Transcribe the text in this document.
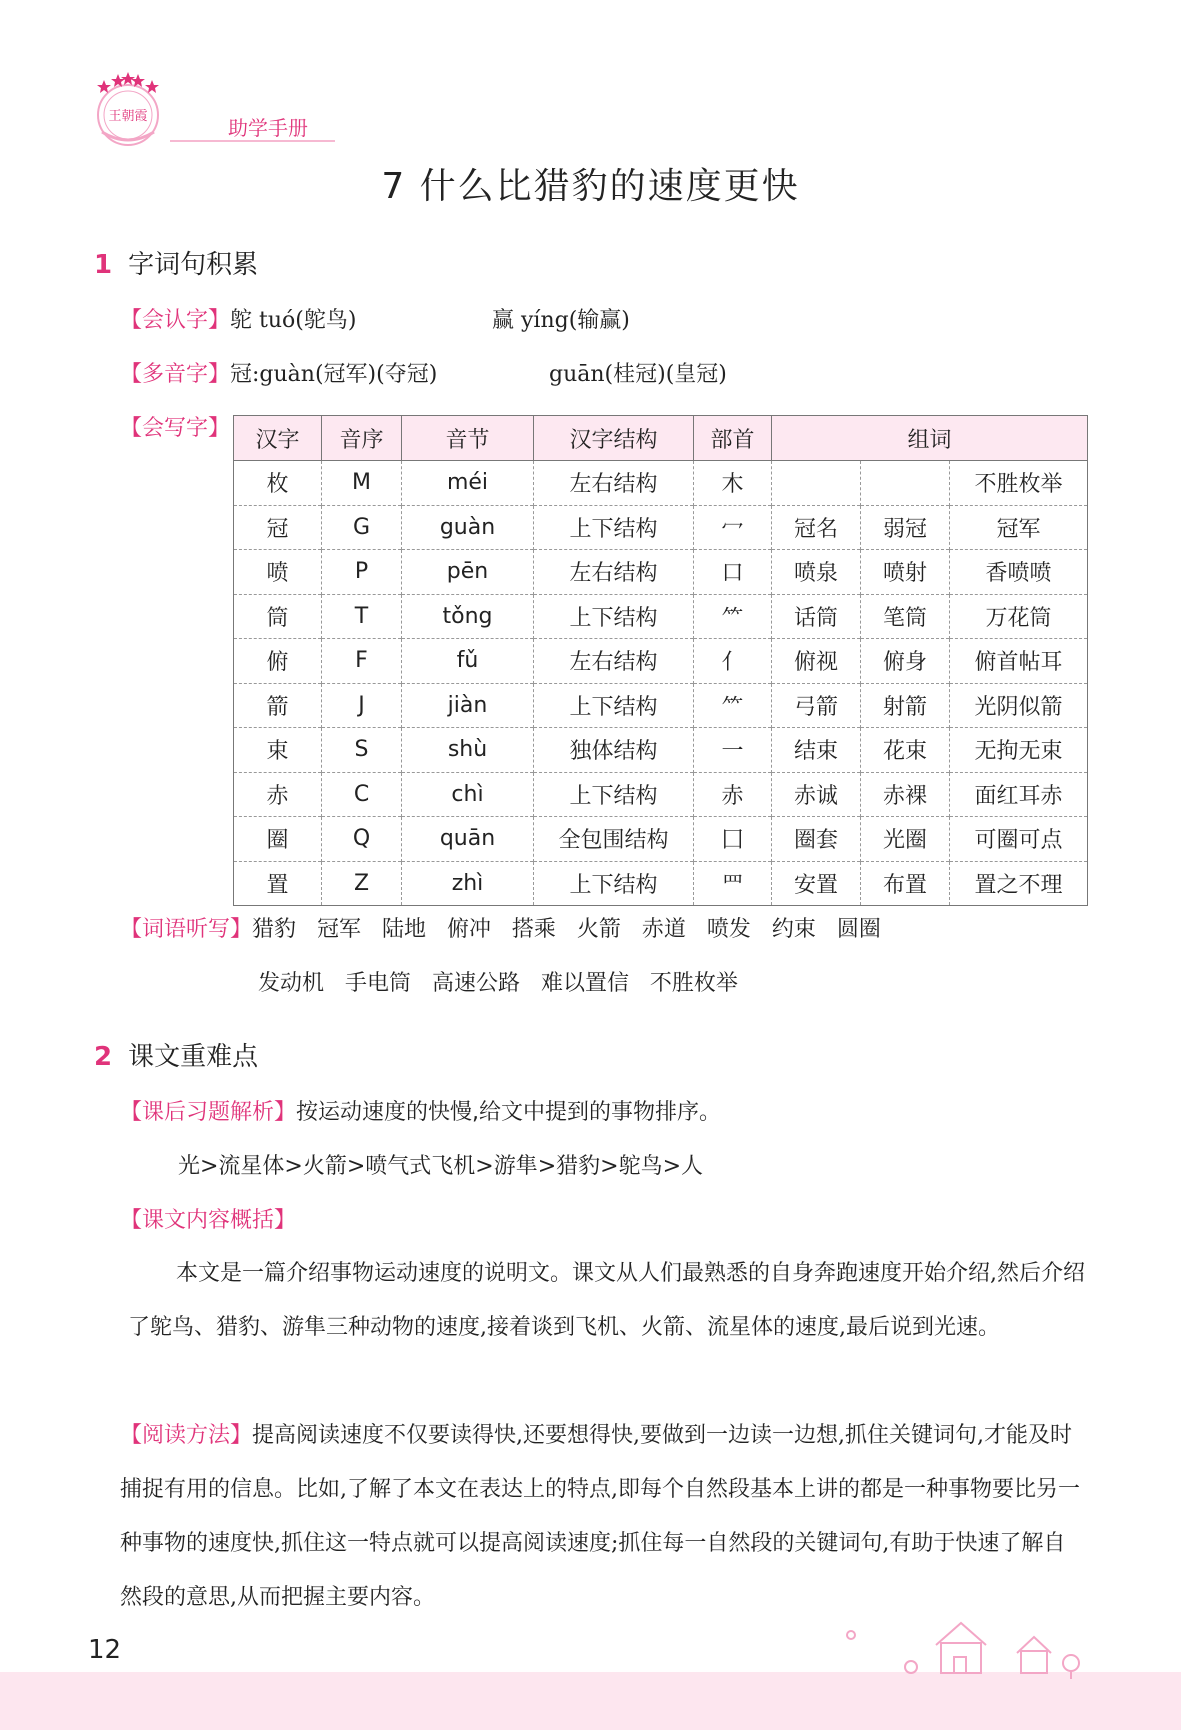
王朝霞	助学手册
7 什么比猎豹的速度更快
1 字词句积累
【会认字】鸵 tuó(鸵鸟)	赢 yíng(输赢)
【多音字】冠:guàn(冠军)(夺冠)	guān(桂冠)(皇冠)
【会写字】 汉字	音序	音节	汉字结构	部首	组词		
枚	M	méi	左右结构	木			不胜枚举
冠	G	guàn	上下结构	冖	冠名	弱冠	冠军
喷	P	pēn	左右结构	口	喷泉	喷射	香喷喷
筒	T	tǒng	上下结构	⺮	话筒	笔筒	万花筒
俯	F	fǔ	左右结构	亻	俯视	俯身	俯首帖耳
箭	J	jiàn	上下结构	⺮	弓箭	射箭	光阴似箭
束	S	shù	独体结构	一	结束	花束	无拘无束
赤	C	chì	上下结构	赤	赤诚	赤裸	面红耳赤
圈	Q	quān	全包围结构	囗	圈套	光圈	可圈可点
置	Z	zhì	上下结构	罒	安置	布置	置之不理
【词语听写】猎豹   冠军   陆地   俯冲   搭乘   火箭   赤道   喷发   约束   圆圈
发动机   手电筒   高速公路   难以置信   不胜枚举
2 课文重难点
【课后习题解析】按运动速度的快慢,给文中提到的事物排序。
光>流星体>火箭>喷气式飞机>游隼>猎豹>鸵鸟>人
【课文内容概括】
本文是一篇介绍事物运动速度的说明文。课文从人们最熟悉的自身奔跑速度开始介绍,然后介绍了鸵鸟、猎豹、游隼三种动物的速度,接着谈到飞机、火箭、流星体的速度,最后说到光速。
【阅读方法】提高阅读速度不仅要读得快,还要想得快,要做到一边读一边想,抓住关键词句,才能及时捕捉有用的信息。比如,了解了本文在表达上的特点,即每个自然段基本上讲的都是一种事物要比另一种事物的速度快,抓住这一特点就可以提高阅读速度;抓住每一自然段的关键词句,有助于快速了解自然段的意思,从而把握主要内容。
12
